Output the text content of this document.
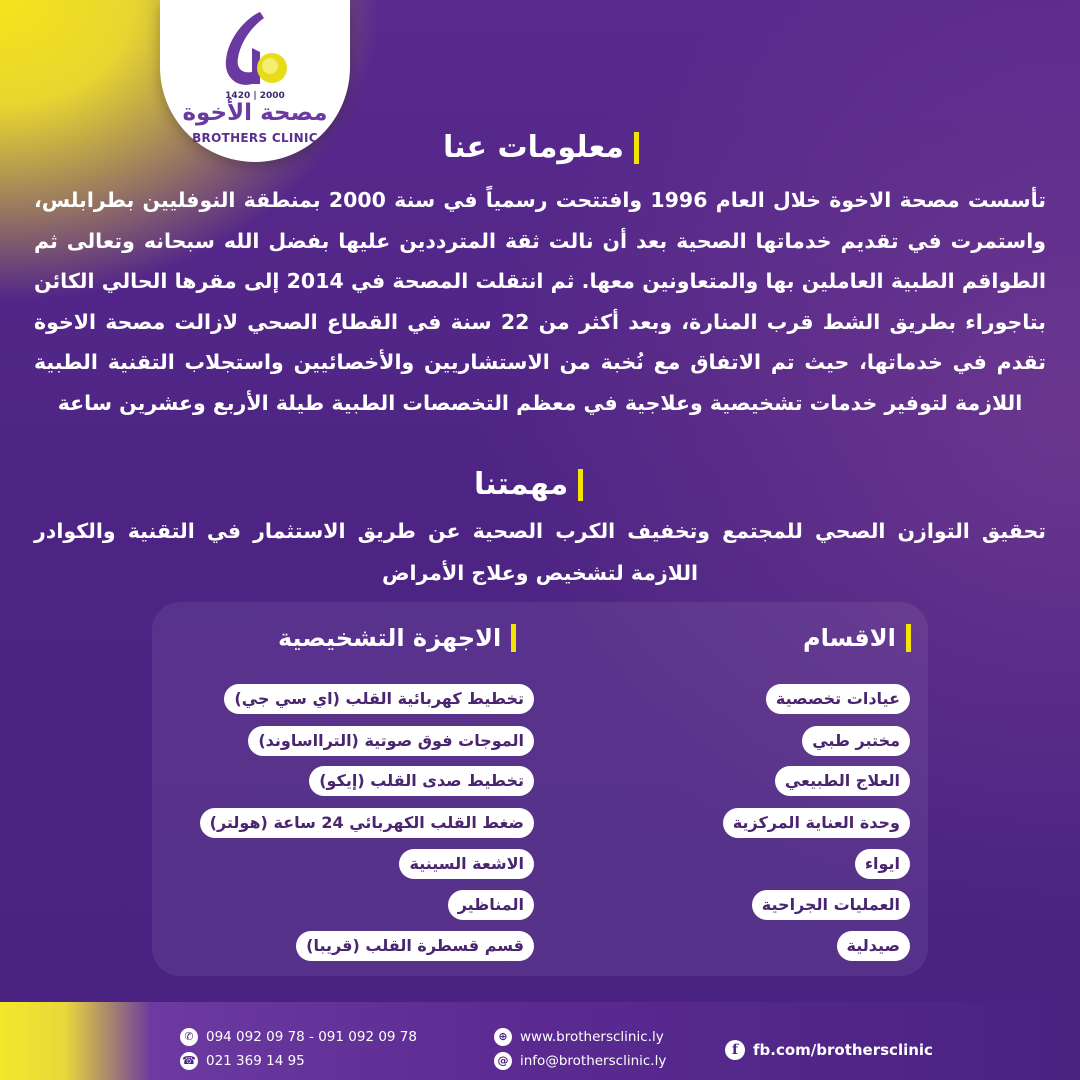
1420 | 2000
مصحة الأخوة
BROTHERS CLINIC	معلومات عنا
تأسست مصحة الاخوة خلال العام 1996 وافتتحت رسمياً في سنة 2000 بمنطقة النوفليين بطرابلس، واستمرت في تقديم خدماتها الصحية بعد أن نالت ثقة المترددين عليها بفضل الله سبحانه وتعالى ثم الطواقم الطبية العاملين بها والمتعاونين معها. ثم انتقلت المصحة في 2014 إلى مقرها الحالي الكائن بتاجوراء بطريق الشط قرب المنارة، وبعد أكثر من 22 سنة في القطاع الصحي لازالت مصحة الاخوة تقدم في خدماتها، حيث تم الاتفاق مع نُخبة من الاستشاريين والأخصائيين واستجلاب التقنية الطبية اللازمة لتوفير خدمات تشخيصية وعلاجية في معظم التخصصات الطبية طيلة الأربع وعشرين ساعة
مهمتنا
تحقيق التوازن الصحي للمجتمع وتخفيف الكرب الصحية عن طريق الاستثمار في التقنية والكوادر اللازمة لتشخيص وعلاج الأمراض
الاجهزة التشخيصية	الاقسام
تخطيط كهربائية القلب (اي سي جي)
الموجات فوق صوتية (الترااساوند)
تخطيط صدى القلب (إيكو)
ضغط القلب الكهربائي 24 ساعة (هولتر)
الاشعة السينية
المناظير
قسم قسطرة القلب (قريبا)
عيادات تخصصية
مختبر طبي
العلاج الطبيعي
وحدة العناية المركزية
ايواء
العمليات الجراحية
صيدلية
✆ 094 092 09 78 - 091 092 09 78
☎ 021 369 14 95
⊕ www.brothersclinic.ly
@ info@brothersclinic.ly
f fb.com/brothersclinic
